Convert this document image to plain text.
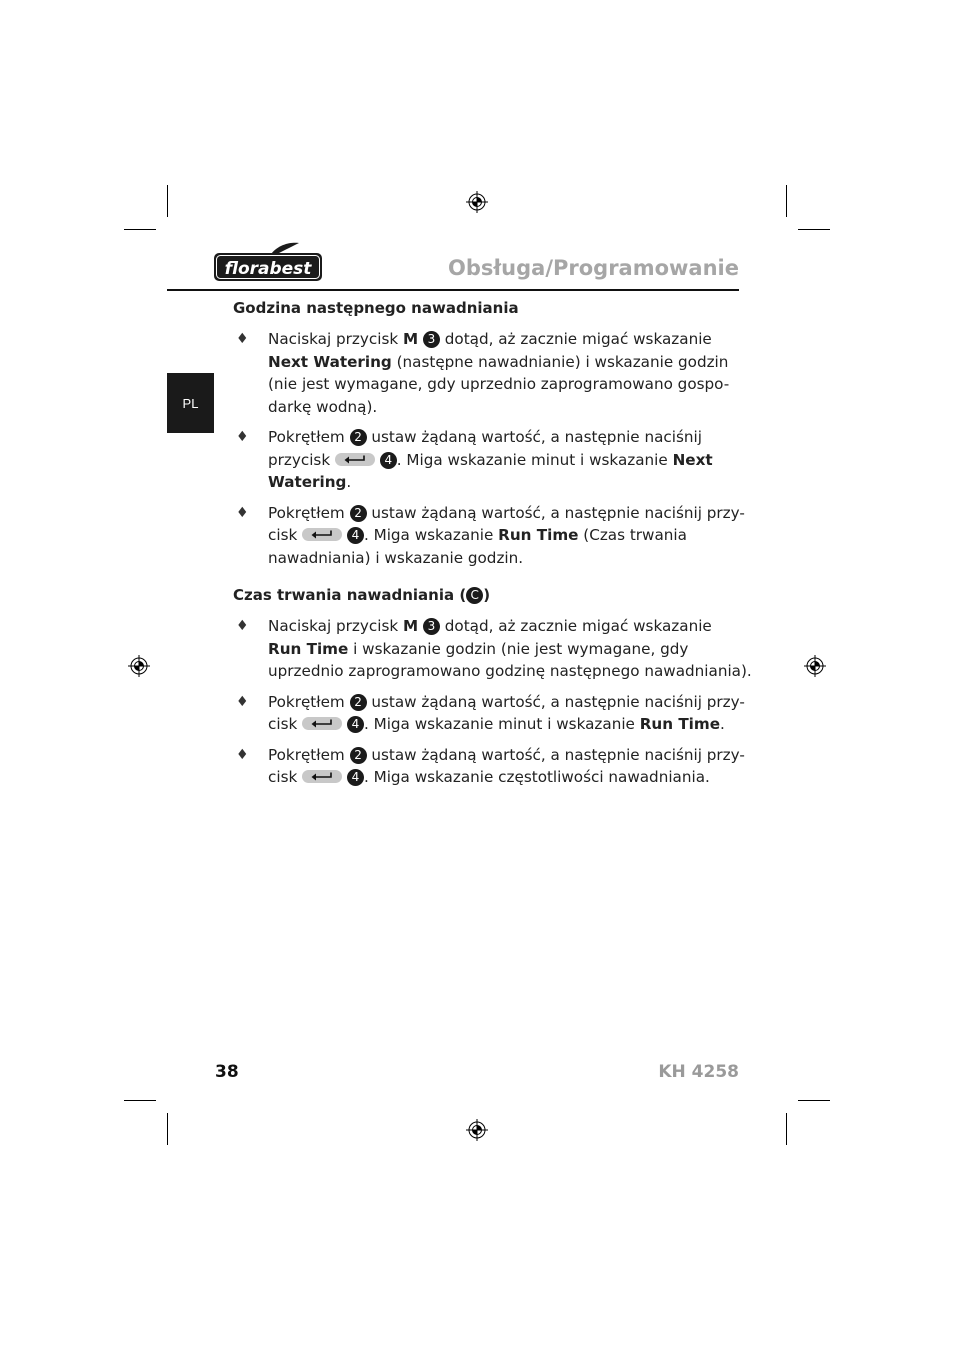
florabest	Obsługa/Programowanie
PL
Godzina następnego nawadniania
♦ Naciskaj przycisk M 3 dotąd, aż zacznie migać wskazanie
Next Watering (następne nawadnianie) i wskazanie godzin
(nie jest wymagane, gdy uprzednio zaprogramowano gospo-
darkę wodną).
♦ Pokrętłem 2 ustaw żądaną wartość, a następnie naciśnij
przycisk	4 . Miga wskazanie minut i wskazanie Next
Watering.
♦ Pokrętłem 2 ustaw żądaną wartość, a następnie naciśnij przy-
cisk	4 . Miga wskazanie Run Time (Czas trwania
nawadniania) i wskazanie godzin.
Czas trwania nawadniania ( C )
♦ Naciskaj przycisk M 3 dotąd, aż zacznie migać wskazanie
Run Time i wskazanie godzin (nie jest wymagane, gdy
uprzednio zaprogramowano godzinę następnego nawadniania).
♦ Pokrętłem 2 ustaw żądaną wartość, a następnie naciśnij przy-
cisk	4 . Miga wskazanie minut i wskazanie Run Time.
♦ Pokrętłem 2 ustaw żądaną wartość, a następnie naciśnij przy-
cisk	4 . Miga wskazanie częstotliwości nawadniania.
38	KH 4258
